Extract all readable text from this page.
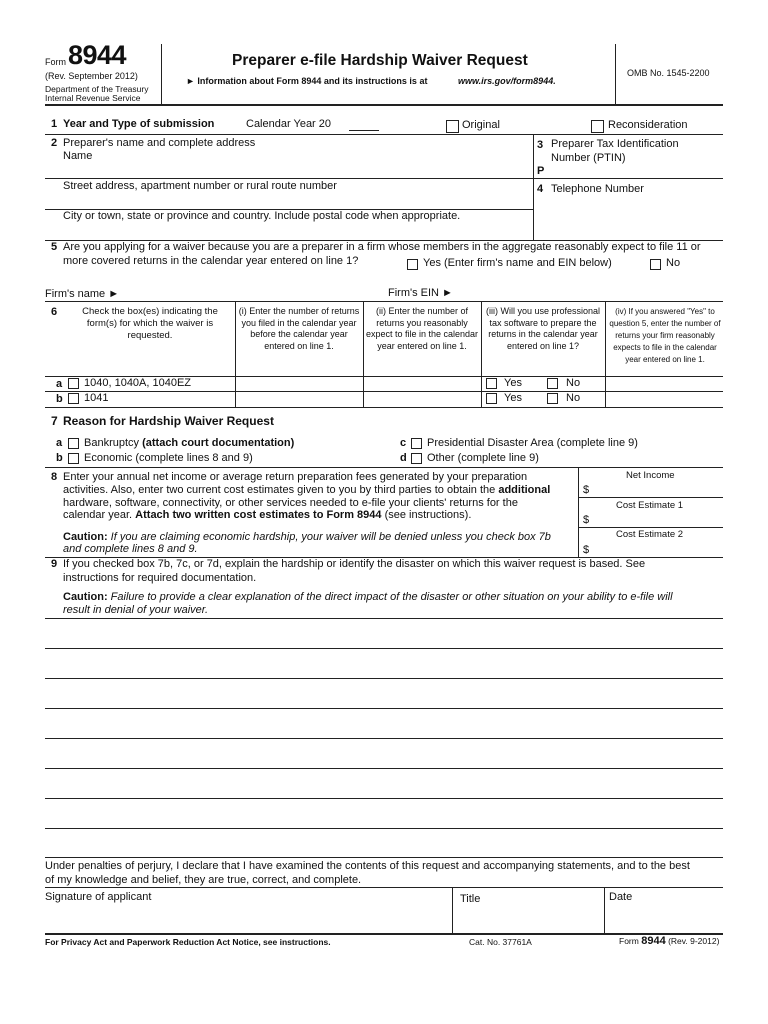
Form 8944
(Rev. September 2012)
Department of the Treasury
Internal Revenue Service
Preparer e-file Hardship Waiver Request
► Information about Form 8944 and its instructions is at	www.irs.gov/form8944.
OMB No. 1545-2200
1 Year and Type of submission	Calendar Year 20	Original	Reconsideration
2 Preparer's name and complete address
Name
Street address, apartment number or rural route number
City or town, state or province and country. Include postal code when appropriate.
3 Preparer Tax Identification
Number (PTIN)
P
4 Telephone Number
5 Are you applying for a waiver because you are a preparer in a firm whose members in the aggregate reasonably expect to file 11 or
more covered returns in the calendar year entered on line 1?	Yes (Enter firm's name and EIN below)	No
Firm's name ►	Firm's EIN ►
6	Check the box(es) indicating the form(s) for which the waiver is requested.
(i) Enter the number of returns you filed in the calendar year before the calendar year entered on line 1.
(ii) Enter the number of returns you reasonably expect to file in the calendar year entered on line 1.
(iii) Will you use professional tax software to prepare the returns in the calendar year entered on line 1?
(iv) If you answered "Yes" to question 5, enter the number of returns your firm reasonably expects to file in the calendar year entered on line 1.
a 1040, 1040A, 1040EZ	Yes	No
b 1041	Yes	No
7 Reason for Hardship Waiver Request
a Bankruptcy (attach court documentation)
b Economic (complete lines 8 and 9)
c Presidential Disaster Area (complete line 9)
d Other (complete line 9)
8 Enter your annual net income or average return preparation fees generated by your preparation
activities. Also, enter two current cost estimates given to you by third parties to obtain the additional
hardware, software, connectivity, or other services needed to e-file your clients' returns for the
calendar year. Attach two written cost estimates to Form 8944 (see instructions).
Caution: If you are claiming economic hardship, your waiver will be denied unless you check box 7b
and complete lines 8 and 9.
Net Income
$
Cost Estimate 1
$
Cost Estimate 2
$
9 If you checked box 7b, 7c, or 7d, explain the hardship or identify the disaster on which this waiver request is based. See
instructions for required documentation.
Caution: Failure to provide a clear explanation of the direct impact of the disaster or other situation on your ability to e-file will
result in denial of your waiver.
Under penalties of perjury, I declare that I have examined the contents of this request and accompanying statements, and to the best
of my knowledge and belief, they are true, correct, and complete.
Signature of applicant	Title	Date
For Privacy Act and Paperwork Reduction Act Notice, see instructions.	Cat. No. 37761A	Form 8944 (Rev. 9-2012)
